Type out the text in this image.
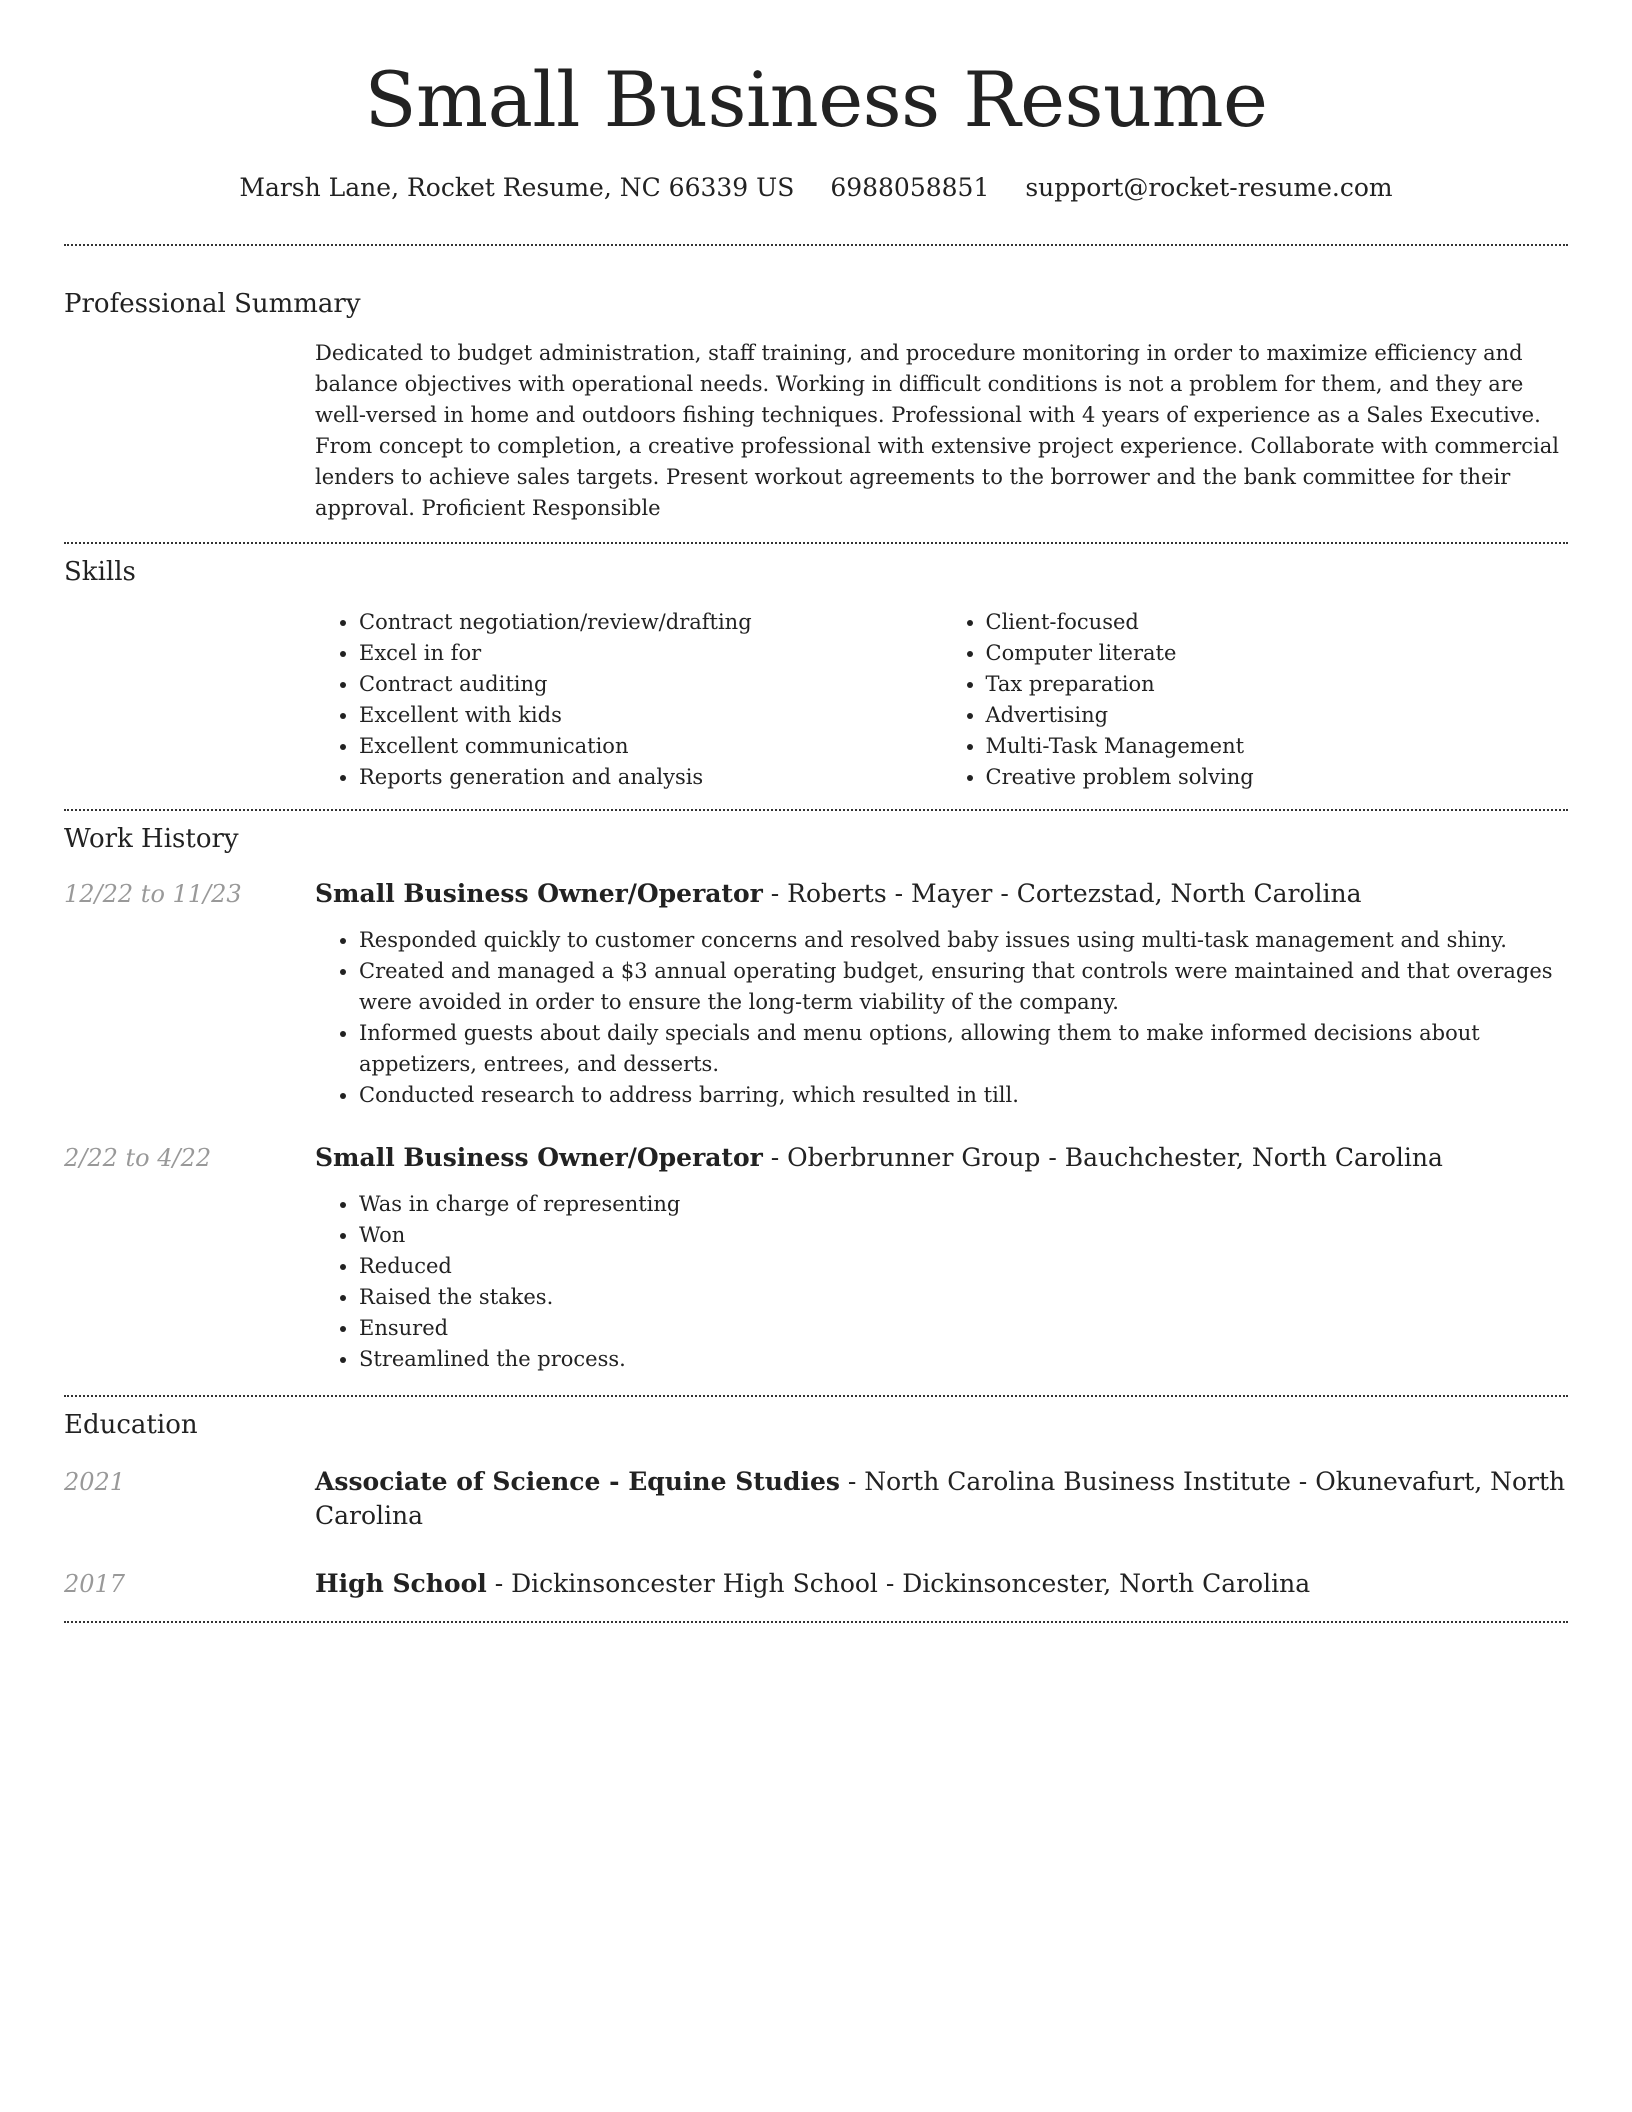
Small Business Resume
Marsh Lane, Rocket Resume, NC 66339 US 6988058851 support@rocket-resume.com
Professional Summary

Dedicated to budget administration, staff training, and procedure monitoring in order to maximize efficiency and balance objectives with operational needs. Working in difficult conditions is not a problem for them, and they are well-versed in home and outdoors fishing techniques. Professional with 4 years of experience as a Sales Executive. From concept to completion, a creative professional with extensive project experience. Collaborate with commercial lenders to achieve sales targets. Present workout agreements to the borrower and the bank committee for their approval. Proficient Responsible

Skills
• Contract negotiation/review/drafting
• Excel in for
• Contract auditing
• Excellent with kids
• Excellent communication
• Reports generation and analysis
• Client-focused
• Computer literate
• Tax preparation
• Advertising
• Multi-Task Management
• Creative problem solving
Work History
12/22 to 11/23	Small Business Owner/Operator - Roberts - Mayer - Cortezstad, North Carolina
• Responded quickly to customer concerns and resolved baby issues using multi-task management and shiny.
• Created and managed a $3 annual operating budget, ensuring that controls were maintained and that overages were avoided in order to ensure the long-term viability of the company.
• Informed guests about daily specials and menu options, allowing them to make informed decisions about appetizers, entrees, and desserts.
• Conducted research to address barring, which resulted in till.
2/22 to 4/22	Small Business Owner/Operator - Oberbrunner Group - Bauchchester, North Carolina
• Was in charge of representing
• Won
• Reduced
• Raised the stakes.
• Ensured
• Streamlined the process.
Education
2021	Associate of Science - Equine Studies - North Carolina Business Institute - Okunevafurt, North Carolina
2017	High School - Dickinsoncester High School - Dickinsoncester, North Carolina
